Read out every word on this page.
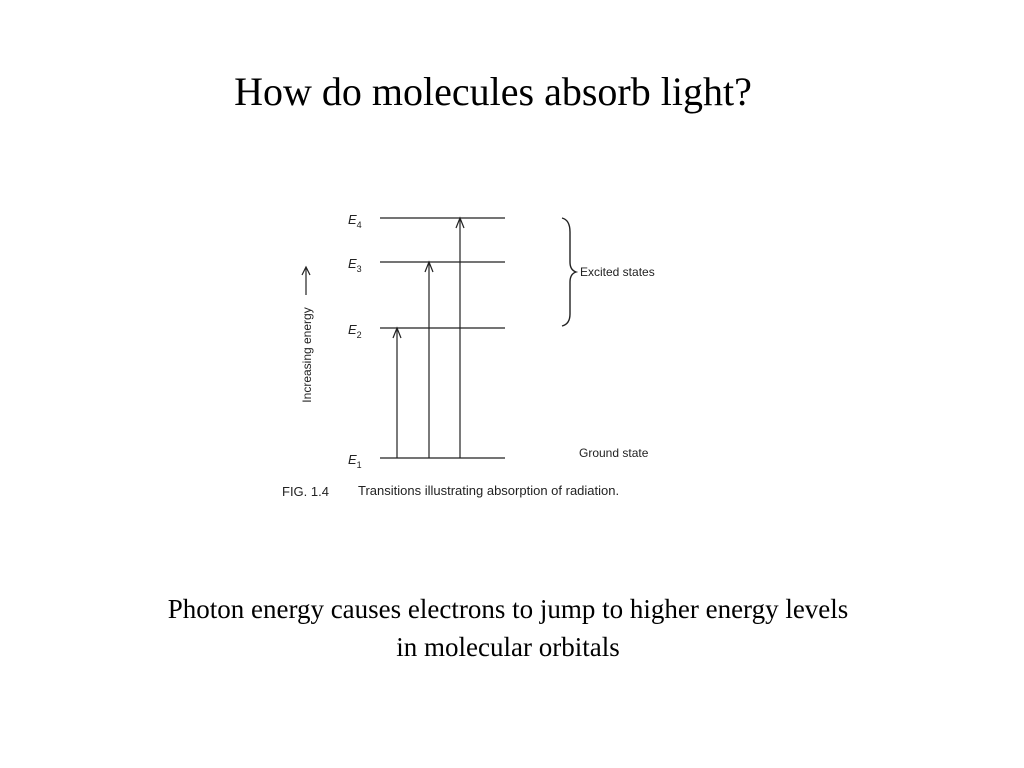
How do molecules absorb light?
Increasing energy
$E_4$
$E_3$
$E_2$
$E_1$
Excited states
Ground state
FIG. 1.4 Transitions illustrating absorption of radiation.
Photon energy causes electrons to jump to higher energy levels
in molecular orbitals
